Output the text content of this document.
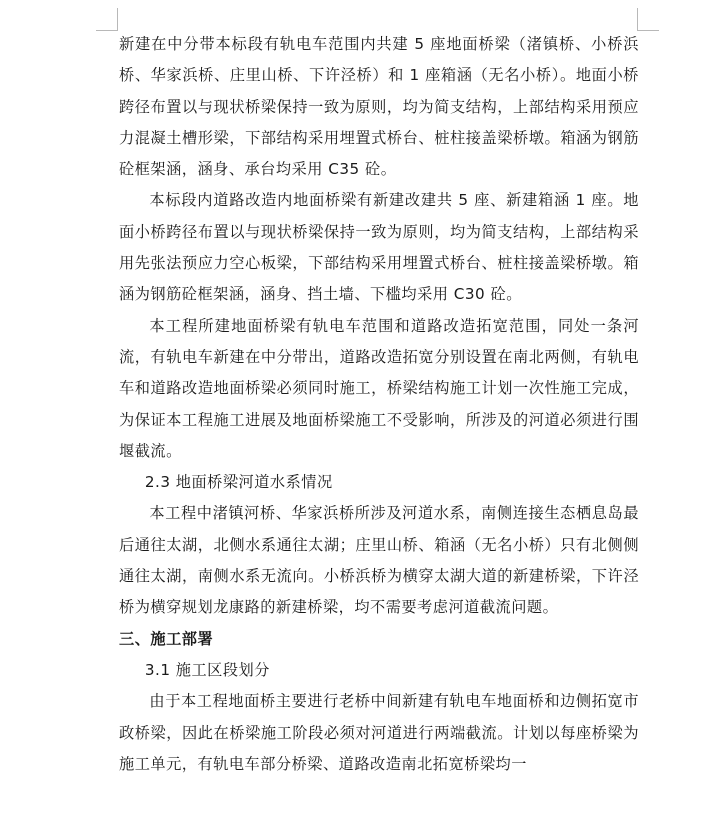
新建在中分带本标段有轨电车范围内共建 5 座地面桥梁（渚镇桥、小桥浜桥、华家浜桥、庄里山桥、下许泾桥）和 1 座箱涵（无名小桥）。地面小桥跨径布置以与现状桥梁保持一致为原则，均为简支结构，上部结构采用预应力混凝土槽形梁，下部结构采用埋置式桥台、桩柱接盖梁桥墩。箱涵为钢筋砼框架涵，涵身、承台均采用 C35 砼。

本标段内道路改造内地面桥梁有新建改建共 5 座、新建箱涵 1 座。地面小桥跨径布置以与现状桥梁保持一致为原则，均为简支结构，上部结构采用先张法预应力空心板梁，下部结构采用埋置式桥台、桩柱接盖梁桥墩。箱涵为钢筋砼框架涵，涵身、挡土墙、下槛均采用 C30 砼。

本工程所建地面桥梁有轨电车范围和道路改造拓宽范围，同处一条河流，有轨电车新建在中分带出，道路改造拓宽分别设置在南北两侧，有轨电车和道路改造地面桥梁必须同时施工，桥梁结构施工计划一次性施工完成，为保证本工程施工进展及地面桥梁施工不受影响，所涉及的河道必须进行围堰截流。

2.3 地面桥梁河道水系情况

本工程中渚镇河桥、华家浜桥所涉及河道水系，南侧连接生态栖息岛最后通往太湖，北侧水系通往太湖；庄里山桥、箱涵（无名小桥）只有北侧侧通往太湖，南侧水系无流向。小桥浜桥为横穿太湖大道的新建桥梁，下许泾桥为横穿规划龙康路的新建桥梁，均不需要考虑河道截流问题。

三、施工部署

3.1 施工区段划分

由于本工程地面桥主要进行老桥中间新建有轨电车地面桥和边侧拓宽市政桥梁，因此在桥梁施工阶段必须对河道进行两端截流。计划以每座桥梁为施工单元，有轨电车部分桥梁、道路改造南北拓宽桥梁均一
